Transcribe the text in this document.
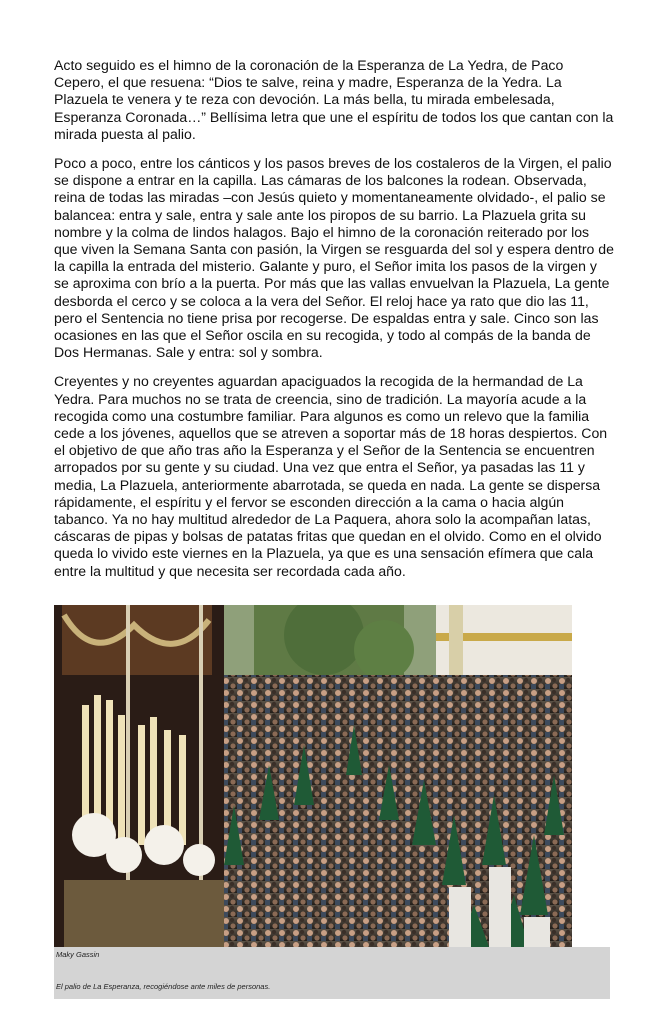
Acto seguido es el himno de la coronación de la Esperanza de La Yedra, de Paco Cepero, el que resuena: “Dios te salve, reina y madre, Esperanza de la Yedra. La Plazuela te venera y te reza con devoción. La más bella, tu mirada embelesada, Esperanza Coronada…” Bellísima letra que une el espíritu de todos los que cantan con la mirada puesta al palio.

Poco a poco, entre los cánticos y los pasos breves de los costaleros de la Virgen, el palio se dispone a entrar en la capilla. Las cámaras de los balcones la rodean. Observada, reina de todas las miradas –con Jesús quieto y momentaneamente olvidado-, el palio se balancea: entra y sale, entra y sale ante los piropos de su barrio. La Plazuela grita su nombre y la colma de lindos halagos. Bajo el himno de la coronación reiterado por los que viven la Semana Santa con pasión, la Virgen se resguarda del sol y espera dentro de la capilla la entrada del misterio. Galante y puro, el Señor imita los pasos de la virgen y se aproxima con brío a la puerta. Por más que las vallas envuelvan la Plazuela, La gente desborda el cerco y se coloca a la vera del Señor. El reloj hace ya rato que dio las 11, pero el Sentencia no tiene prisa por recogerse. De espaldas entra y sale. Cinco son las ocasiones en las que el Señor oscila en su recogida, y todo al compás de la banda de Dos Hermanas. Sale y entra: sol y sombra.

Creyentes y no creyentes aguardan apaciguados la recogida de la hermandad de La Yedra. Para muchos no se trata de creencia, sino de tradición. La mayoría acude a la recogida como una costumbre familiar. Para algunos es como un relevo que la familia cede a los jóvenes, aquellos que se atreven a soportar más de 18 horas despiertos. Con el objetivo de que año tras año la Esperanza y el Señor de la Sentencia se encuentren arropados por su gente y su ciudad. Una vez que entra el Señor, ya pasadas las 11 y media, La Plazuela, anteriormente abarrotada, se queda en nada. La gente se dispersa rápidamente, el espíritu y el fervor se esconden dirección a la cama o hacia algún tabanco. Ya no hay multitud alrededor de La Paquera, ahora solo la acompañan latas, cáscaras de pipas y bolsas de patatas fritas que quedan en el olvido. Como en el olvido queda lo vivido este viernes en la Plazuela, ya que es una sensación efímera que cala entre la multitud y que necesita ser recordada cada año.

Maky Gassin
El palio de La Esperanza, recogiéndose ante miles de personas.
